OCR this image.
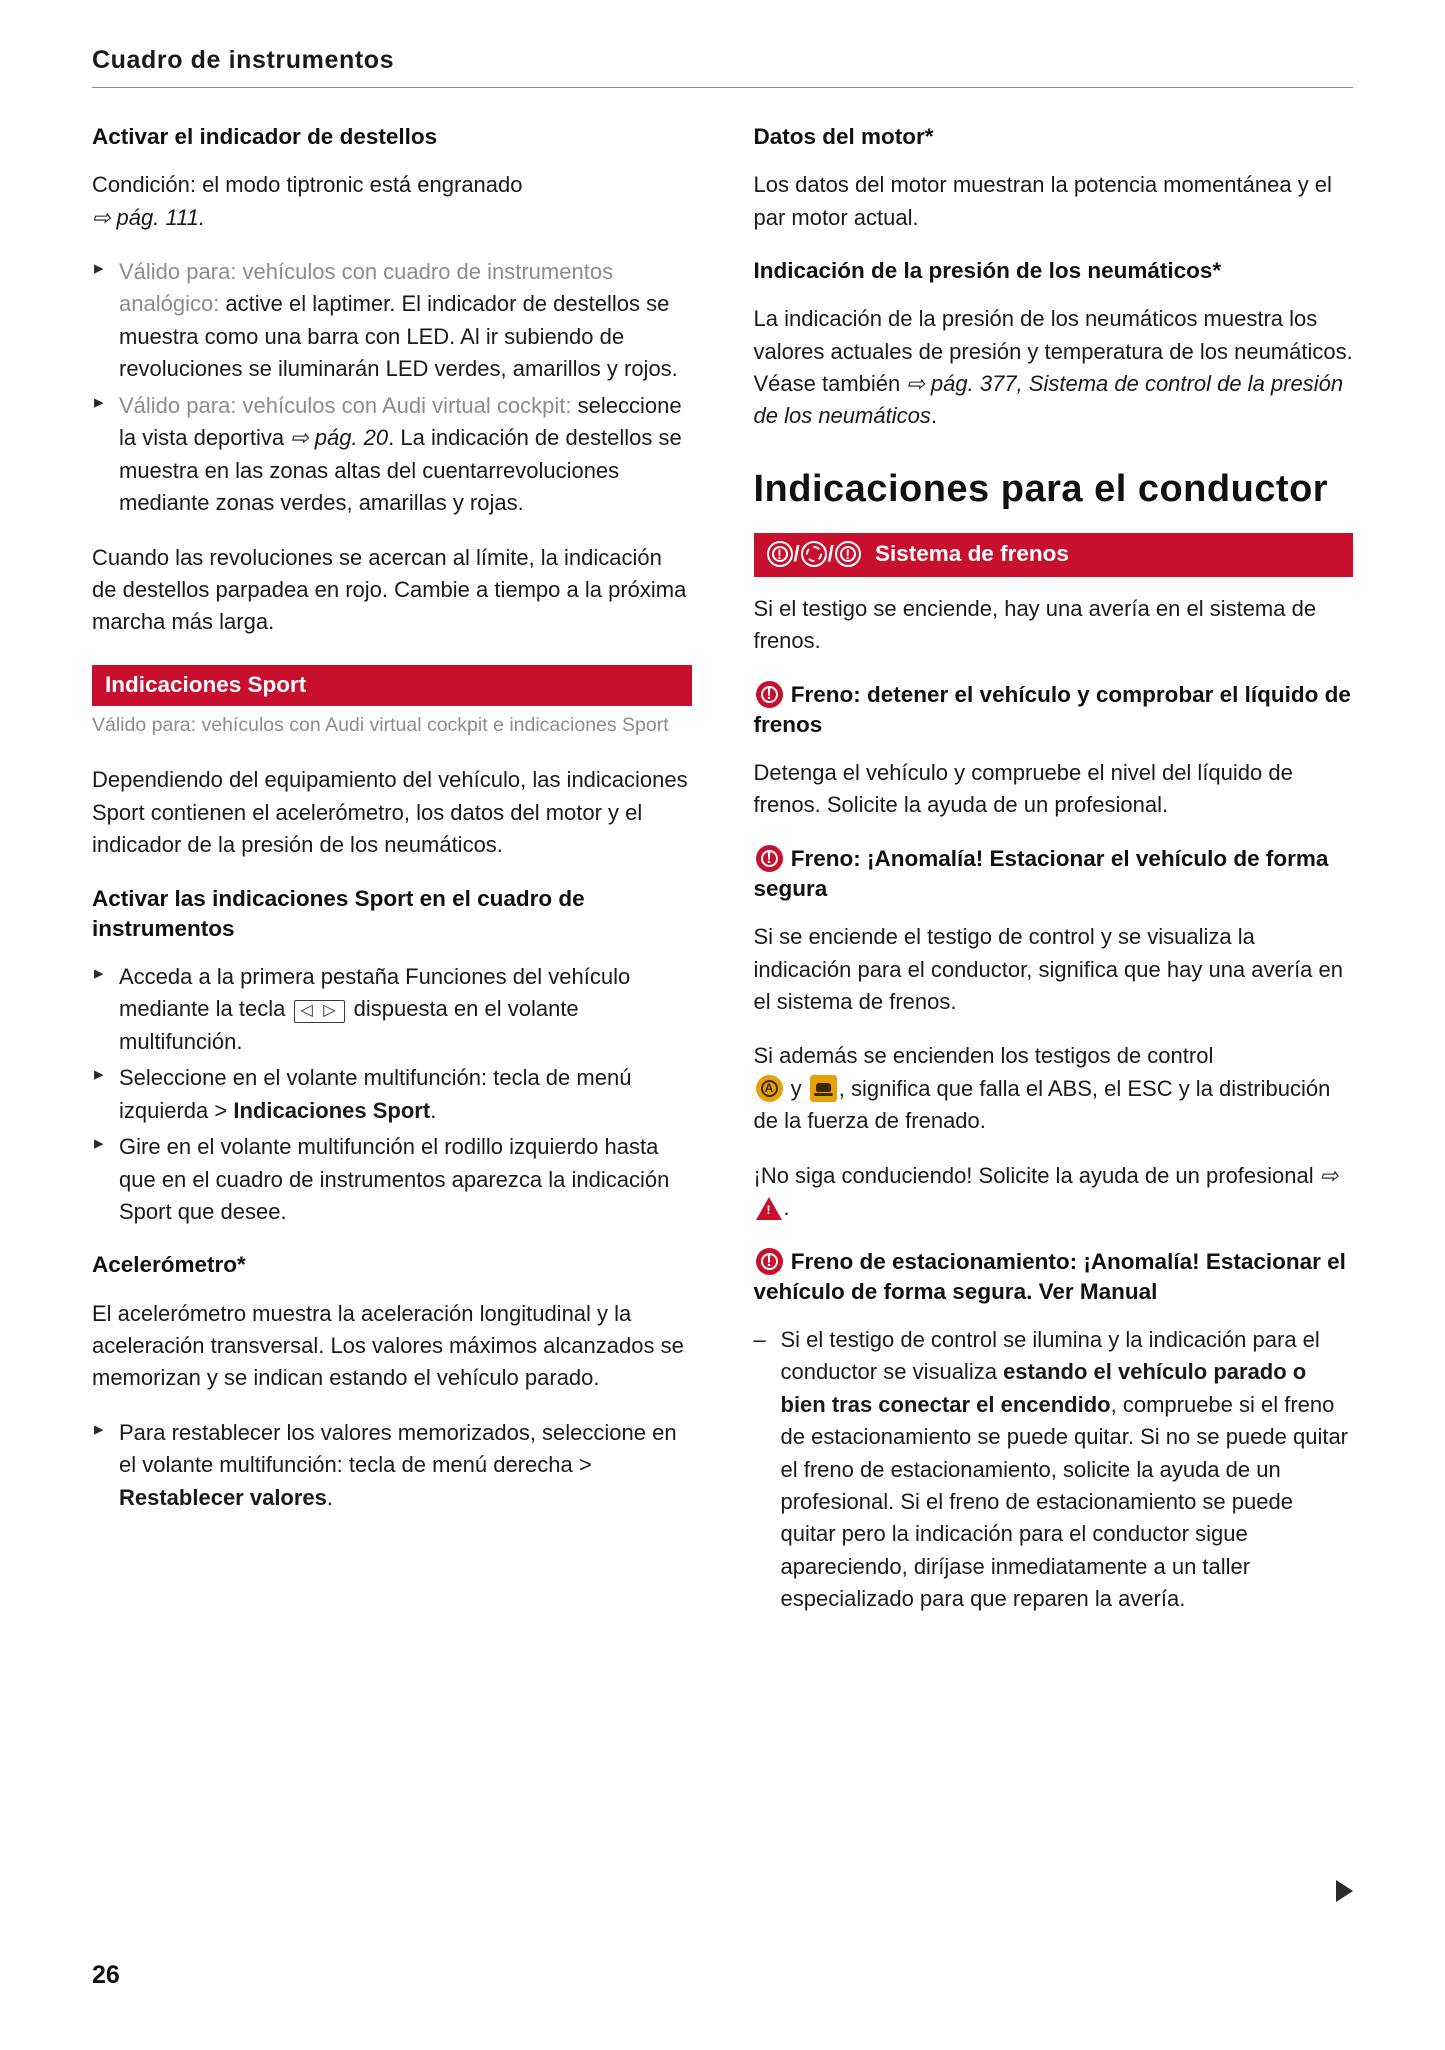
Cuadro de instrumentos
Activar el indicador de destellos

Condición: el modo tiptronic está engranado
⇨ pág. 111.

▸ Válido para: vehículos con cuadro de instrumentos analógico: active el laptimer. El indicador de destellos se muestra como una barra con LED. Al ir subiendo de revoluciones se iluminarán LED verdes, amarillos y rojos.
▸ Válido para: vehículos con Audi virtual cockpit: seleccione la vista deportiva ⇨ pág. 20. La indicación de destellos se muestra en las zonas altas del cuentarrevoluciones mediante zonas verdes, amarillas y rojas.

Cuando las revoluciones se acercan al límite, la indicación de destellos parpadea en rojo. Cambie a tiempo a la próxima marcha más larga.

Indicaciones Sport
Válido para: vehículos con Audi virtual cockpit e indicaciones Sport

Dependiendo del equipamiento del vehículo, las indicaciones Sport contienen el acelerómetro, los datos del motor y el indicador de la presión de los neumáticos.

Activar las indicaciones Sport en el cuadro de instrumentos
▸ Acceda a la primera pestaña Funciones del vehículo mediante la tecla ◁ ▷ dispuesta en el volante multifunción.
▸ Seleccione en el volante multifunción: tecla de menú izquierda > Indicaciones Sport.
▸ Gire en el volante multifunción el rodillo izquierdo hasta que en el cuadro de instrumentos aparezca la indicación Sport que desee.
Acelerómetro*

El acelerómetro muestra la aceleración longitudinal y la aceleración transversal. Los valores máximos alcanzados se memorizan y se indican estando el vehículo parado.

▸ Para restablecer los valores memorizados, seleccione en el volante multifunción: tecla de menú derecha > Restablecer valores.
Datos del motor*

Los datos del motor muestran la potencia momentánea y el par motor actual.

Indicación de la presión de los neumáticos*

La indicación de la presión de los neumáticos muestra los valores actuales de presión y temperatura de los neumáticos. Véase también ⇨ pág. 377, Sistema de control de la presión de los neumáticos.

Indicaciones para el conductor
! / / !	Sistema de frenos

Si el testigo se enciende, hay una avería en el sistema de frenos.

! Freno: detener el vehículo y comprobar el líquido de frenos

Detenga el vehículo y compruebe el nivel del líquido de frenos. Solicite la ayuda de un profesional.

! Freno: ¡Anomalía! Estacionar el vehículo de forma segura

Si se enciende el testigo de control y se visualiza la indicación para el conductor, significa que hay una avería en el sistema de frenos.

Si además se encienden los testigos de control
A y , significa que falla el ABS, el ESC y la distribución de la fuerza de frenado.

¡No siga conduciendo! Solicite la ayuda de un profesional ⇨!.

! Freno de estacionamiento: ¡Anomalía! Estacionar el vehículo de forma segura. Ver Manual
– Si el testigo de control se ilumina y la indicación para el conductor se visualiza estando el vehículo parado o bien tras conectar el encendido, compruebe si el freno de estacionamiento se puede quitar. Si no se puede quitar el freno de estacionamiento, solicite la ayuda de un profesional. Si el freno de estacionamiento se puede quitar pero la indicación para el conductor sigue apareciendo, diríjase inmediatamente a un taller especializado para que reparen la avería.
26
